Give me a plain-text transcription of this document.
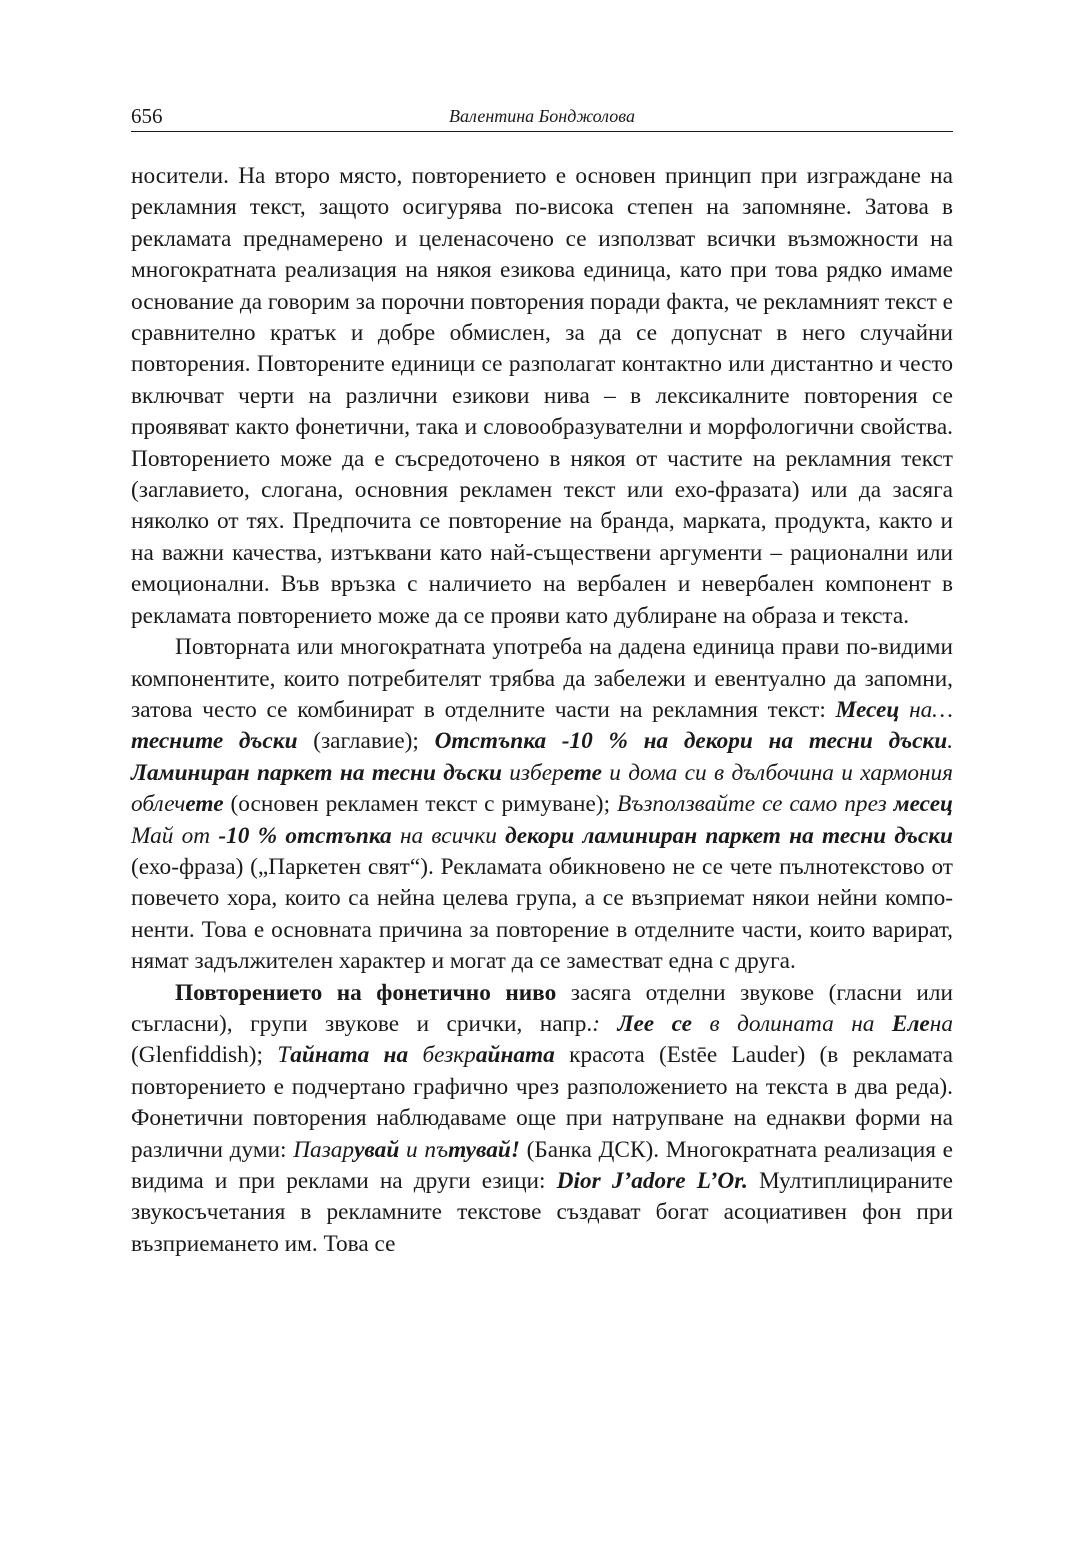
656	Валентина Бонджолова

носители. На второ място, повторението е основен принцип при изграждане на рекламния текст, защото осигурява по-висока степен на запомняне. Затова в рекламата преднамерено и целенасочено се използват всички възможности на многократната реализация на някоя езикова единица, като при това рядко имаме основание да говорим за порочни повторения поради факта, че рекламният текст е сравнително кратък и добре обмислен, за да се допуснат в него случайни повторения. Повторените единици се разполагат контактно или дистантно и често включват черти на различни езикови нива – в лексикалните повторения се проявяват както фонетични, така и словообразувателни и морфологични свойства. Повторението може да е съсредоточено в някоя от частите на рекламния текст (заглавието, слогана, основния рекламен текст или ехо-фразата) или да засяга няколко от тях. Предпочита се повторение на бранда, марката, продукта, както и на важни качества, изтъквани като най-съществени аргументи – рационални или емоционални. Във връзка с наличието на вербален и невербален компонент в рекламата повторението може да се прояви като дублиране на образа и текста.

Повторната или многократната употреба на дадена единица прави по-видими компонентите, които потребителят трябва да забележи и евентуално да запомни, затова често се комбинират в отделните части на рекламния текст: Месец на… тесните дъски (заглавие); Отстъпка -10 % на декори на тесни дъски. Ламиниран паркет на тесни дъски изберете и дома си в дълбочина и хармония облечете (основен рекламен текст с римуване); Възползвайте се само през месец Май от -10 % отстъпка на всички декори ламиниран паркет на тесни дъски (ехо-фраза) („Паркетен свят“). Рекламата обикновено не се чете пълнотекстово от повечето хора, които са нейна целева група, а се възприемат някои нейни компоненти. Това е основната причина за повторение в отделните части, които варират, нямат задължителен характер и могат да се заместват една с друга.

Повторението на фонетично ниво засяга отделни звукове (гласни или съгласни), групи звукове и срички, напр.: Лее се в долината на Елена (Glenfiddish); Тайната на безкрайната красота (Estēe Lauder) (в рекламата повторението е подчертано графично чрез разположението на текста в два реда). Фонетични повторения наблюдаваме още при натрупване на еднакви форми на различни думи: Пазарувай и пътувай! (Банка ДСК). Многократната реализация е видима и при реклами на други езици: Dior J’adore L’Or. Мултиплицираните звукосъчетания в рекламните текстове създават богат асоциативен фон при възприемането им. Това се
